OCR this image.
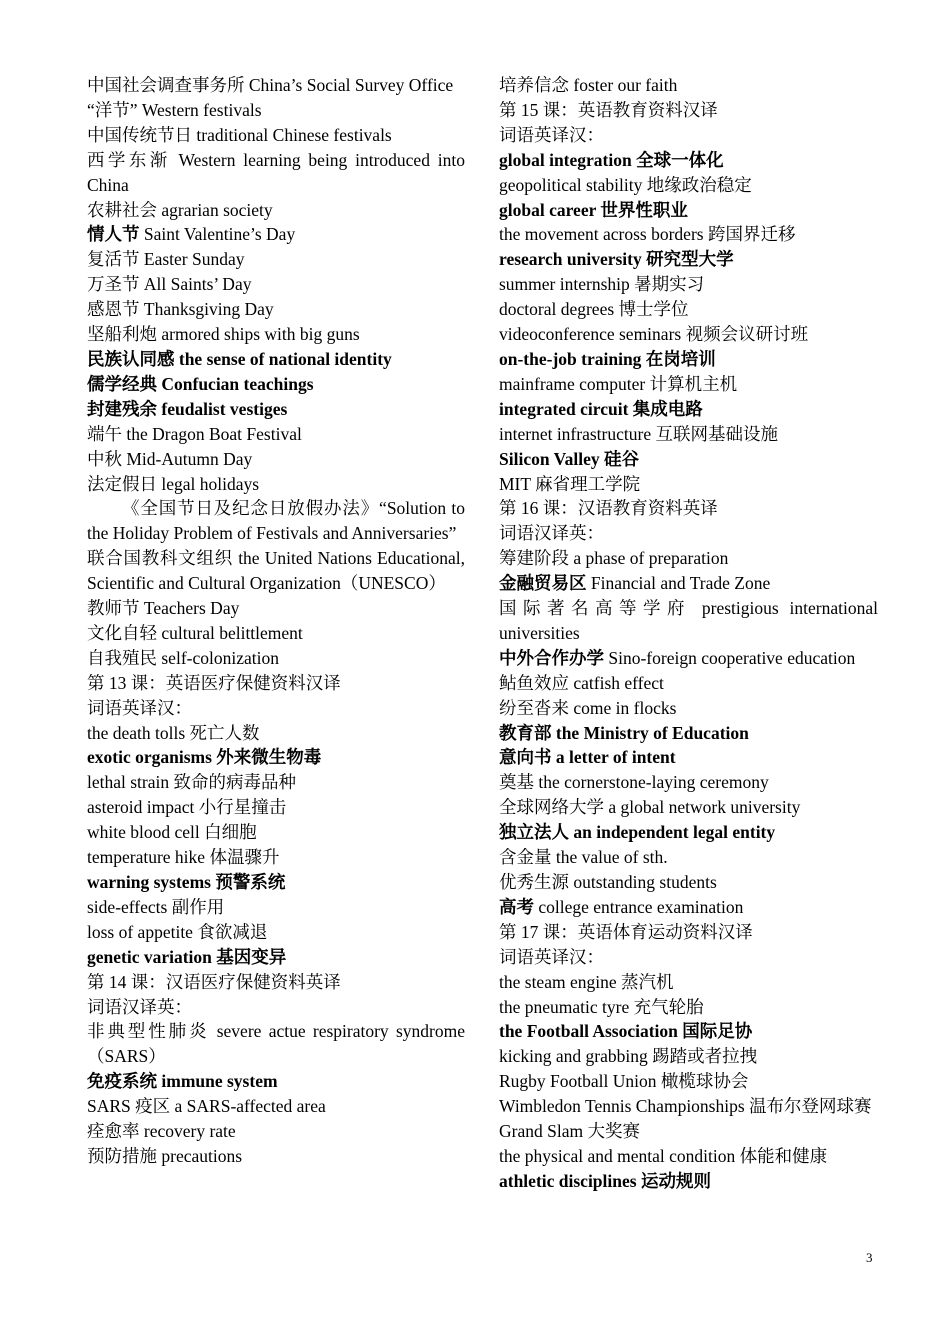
中国社会调查事务所 China’s Social Survey Office
“洋节” Western festivals
中国传统节日 traditional Chinese festivals
西学东渐 Western learning being introduced into China
农耕社会 agrarian society
情人节 Saint Valentine’s Day
复活节 Easter Sunday
万圣节 All Saints’ Day
感恩节 Thanksgiving Day
坚船利炮 armored ships with big guns
民族认同感 the sense of national identity
儒学经典 Confucian teachings
封建残余 feudalist vestiges
端午 the Dragon Boat Festival
中秋 Mid-Autumn Day
法定假日 legal holidays
《全国节日及纪念日放假办法》“Solution to the Holiday Problem of Festivals and Anniversaries”
联合国教科文组织 the United Nations Educational, Scientific and Cultural Organization（UNESCO）
教师节 Teachers Day
文化自轻 cultural belittlement
自我殖民 self-colonization
第 13 课：英语医疗保健资料汉译
词语英译汉：
the death tolls 死亡人数
exotic organisms 外来微生物毒
lethal strain 致命的病毒品种
asteroid impact 小行星撞击
white blood cell 白细胞
temperature hike 体温骤升
warning systems 预警系统
side-effects 副作用
loss of appetite 食欲减退
genetic variation 基因变异
第 14 课：汉语医疗保健资料英译
词语汉译英：
非典型性肺炎 severe actue respiratory syndrome（SARS）
免疫系统 immune system
SARS 疫区 a SARS-affected area
痊愈率 recovery rate
预防措施 precautions
培养信念 foster our faith
第 15 课：英语教育资料汉译
词语英译汉：
global integration 全球一体化
geopolitical stability 地缘政治稳定
global career 世界性职业
the movement across borders 跨国界迁移
research university 研究型大学
summer internship 暑期实习
doctoral degrees 博士学位
videoconference seminars 视频会议研讨班
on-the-job training 在岗培训
mainframe computer 计算机主机
integrated circuit 集成电路
internet infrastructure 互联网基础设施
Silicon Valley 硅谷
MIT 麻省理工学院
第 16 课：汉语教育资料英译
词语汉译英：
筹建阶段 a phase of preparation
金融贸易区 Financial and Trade Zone
国际著名高等学府 prestigious international universities
中外合作办学 Sino-foreign cooperative education
鲇鱼效应 catfish effect
纷至沓来 come in flocks
教育部 the Ministry of Education
意向书 a letter of intent
奠基 the cornerstone-laying ceremony
全球网络大学 a global network university
独立法人 an independent legal entity
含金量 the value of sth.
优秀生源 outstanding students
高考 college entrance examination
第 17 课：英语体育运动资料汉译
词语英译汉：
the steam engine 蒸汽机
the pneumatic tyre 充气轮胎
the Football Association 国际足协
kicking and grabbing 踢踏或者拉拽
Rugby Football Union 橄榄球协会
Wimbledon Tennis Championships 温布尔登网球赛
Grand Slam 大奖赛
the physical and mental condition 体能和健康
athletic disciplines 运动规则
3
